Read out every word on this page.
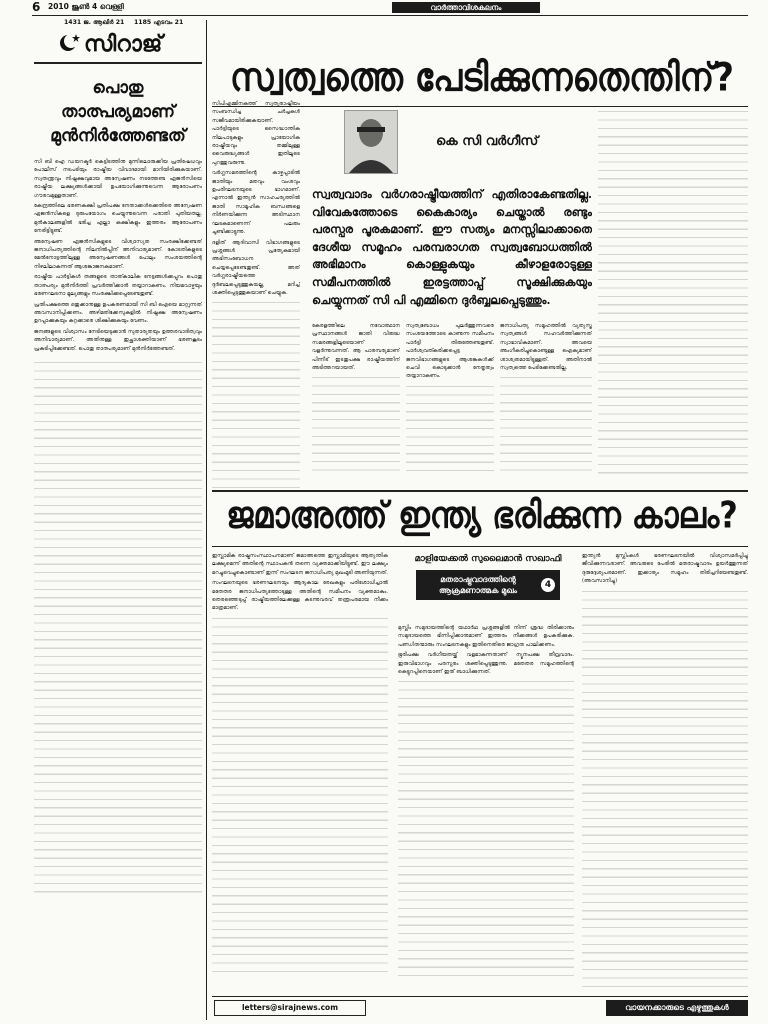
6 2010 ജൂൺ 4 വെള്ളി	വാർത്താവിശകലനം
1431 ജ. ആഖിർ 21 1185 എടവം 21
സിറാജ്
പൊതു താത്പര്യമാണ് മുൻനിർത്തേണ്ടത്
സി ബി ഐ ഡയറക്ടർ കെട്ടിടത്തിനു മുന്നിലൊരുക്കിയ പ്രതിഷേധവും പോലീസ് നടപടിയും രാഷ്ട്രീയ വിവാദമായി മാറിയിരിക്കുകയാണ്. സ്വതന്ത്രവും നിഷ്പക്ഷവുമായ അന്വേഷണം നടത്തേണ്ട ഏജൻസിയെ രാഷ്ട്രീയ ലക്ഷ്യങ്ങൾക്കായി ഉപയോഗിക്കുന്നുവെന്ന ആരോപണം ഗൗരവമുള്ളതാണ്.
കേന്ദ്രത്തിലെ ഭരണകക്ഷി പ്രതിപക്ഷ നേതാക്കൾക്കെതിരെ അന്വേഷണ ഏജൻസികളെ ദുരുപയോഗം ചെയ്യുന്നുവെന്ന പരാതി പുതിയതല്ല. മുൻകാലങ്ങളിൽ ഭരിച്ച എല്ലാ കക്ഷികളും ഇത്തരം ആരോപണം നേരിട്ടിട്ടുണ്ട്.
അന്വേഷണ ഏജൻസികളുടെ വിശ്വാസ്യത സംരക്ഷിക്കേണ്ടത് ജനാധിപത്യത്തിന്റെ നിലനിൽപ്പിന് അനിവാര്യമാണ്. കോടതികളുടെ മേൽനോട്ടത്തിലുള്ള അന്വേഷണങ്ങൾ പോലും സംശയത്തിന്റെ നിഴലിലാകുന്നത് ആശങ്കാജനകമാണ്.
രാഷ്ട്രീയ പാർട്ടികൾ തങ്ങളുടെ താത്കാലിക നേട്ടങ്ങൾക്കപ്പുറം പൊതു താത്പര്യം മുൻനിർത്തി പ്രവർത്തിക്കാൻ തയ്യാറാകണം. നിയമവാഴ്ചയും ഭരണഘടനാ മൂല്യങ്ങളും സംരക്ഷിക്കപ്പെടേണ്ടതുണ്ട്.
പ്രതിപക്ഷത്തെ ഒതുക്കാനുള്ള ഉപകരണമായി സി ബി ഐയെ മാറ്റുന്നത് അവസാനിപ്പിക്കണം. അഴിമതിക്കേസുകളിൽ നിഷ്പക്ഷ അന്വേഷണം ഉറപ്പാക്കുകയും കുറ്റക്കാരെ ശിക്ഷിക്കുകയും വേണം.
ജനങ്ങളുടെ വിശ്വാസം നേടിയെടുക്കാൻ സുതാര്യതയും ഉത്തരവാദിത്വവും അനിവാര്യമാണ്. അതിനുള്ള ഇച്ഛാശക്തിയാണ് ഭരണകൂടം പ്രകടിപ്പിക്കേണ്ടത്. പൊതു താത്പര്യമാണ് മുൻനിർത്തേണ്ടത്.
സ്വത്വത്തെ പേടിക്കുന്നതെന്തിന്?
സിപിഎമ്മിനകത്ത് സ്വത്വരാഷ്ട്രീയം സംബന്ധിച്ച ചർച്ചകൾ സജീവമായിരിക്കുകയാണ്. പാർട്ടിയുടെ സൈദ്ധാന്തിക നിലപാടുകളും പ്രായോഗിക രാഷ്ട്രീയവും തമ്മിലുള്ള വൈരുദ്ധ്യങ്ങൾ ഇതിലൂടെ പുറത്തുവരുന്നു.
വർഗ്ഗസമരത്തിന്റെ കാഴ്ചപ്പാടിൽ ജാതിയും മതവും വംശവും ഉപരിഘടനയുടെ ഭാഗമാണ്. എന്നാൽ ഇന്ത്യൻ സാഹചര്യത്തിൽ ജാതി സാമൂഹിക ബന്ധങ്ങളെ നിർണയിക്കുന്ന അടിസ്ഥാന ഘടകമാണെന്ന് പലരും ചൂണ്ടിക്കാട്ടുന്നു.
ദളിത് ആദിവാസി വിഭാഗങ്ങളുടെ പ്രശ്നങ്ങൾ പ്രത്യേകമായി അഭിസംബോധന ചെയ്യപ്പെടേണ്ടതുണ്ട്. അത് വർഗ്ഗരാഷ്ട്രീയത്തെ ദുർബലപ്പെടുത്തുകയല്ല, മറിച്ച് ശക്തിപ്പെടുത്തുകയാണ് ചെയ്യുക.
കെ സി വർഗീസ്
സ്വത്വവാദം വർഗരാഷ്ട്രീയത്തിന് എതിരാകേണ്ടതില്ല. വിവേകത്തോടെ കൈകാര്യം ചെയ്താൽ രണ്ടും പരസ്പര പൂരകമാണ്. ഈ സത്യം മനസ്സിലാക്കാതെ ദേശീയ സമൂഹം പരമ്പരാഗത സ്വത്വബോധത്തിൽ അഭിമാനം കൊള്ളുകയും കീഴാളരോടുള്ള സമീപനത്തിൽ ഇരട്ടത്താപ്പ് സൂക്ഷിക്കുകയും ചെയ്യുന്നത് സി പി എമ്മിനെ ദുർബ്ബലപ്പെടുത്തും.
കേരളത്തിലെ നവോത്ഥാന പ്രസ്ഥാനങ്ങൾ ജാതി വിരുദ്ധ സമരങ്ങളിലൂടെയാണ് വളർന്നുവന്നത്. ആ പാരമ്പര്യമാണ് പിന്നീട് ഇടതുപക്ഷ രാഷ്ട്രീയത്തിന് അടിത്തറയായത്.
സ്വത്വബോധം പുലർത്തുന്നവരെ സംശയത്തോടെ കാണുന്ന സമീപനം പാർട്ടി തിരുത്തേണ്ടതുണ്ട്. പാർശ്വവത്കരിക്കപ്പെട്ട ജനവിഭാഗങ്ങളുടെ ആശങ്കകൾക്ക് ചെവി കൊടുക്കാൻ നേതൃത്വം തയ്യാറാകണം.
ജനാധിപത്യ സമൂഹത്തിൽ വ്യത്യസ്ത സ്വത്വങ്ങൾ സഹവർത്തിക്കുന്നത് സ്വാഭാവികമാണ്. അവയെ അംഗീകരിച്ചുകൊണ്ടുള്ള ഐക്യമാണ് ശാശ്വതമായിട്ടുള്ളത്. അതിനാൽ സ്വത്വത്തെ പേടിക്കേണ്ടതില്ല.
ജമാഅത്ത് ഇന്ത്യ ഭരിക്കുന്ന കാലം?
ഇസ്ലാമിക രാഷ്ട്രസംസ്ഥാപനമാണ് ജമാഅത്തെ ഇസ്ലാമിയുടെ ആത്യന്തിക ലക്ഷ്യമെന്ന് അതിന്റെ സ്ഥാപകൻ തന്നെ വ്യക്തമാക്കിയിട്ടുണ്ട്. ഈ ലക്ഷ്യം മറച്ചുവെച്ചുകൊണ്ടാണ് ഇന്ന് സംഘടന ജനാധിപത്യ മുഖംമൂടി അണിയുന്നത്.
സംഘടനയുടെ ഭരണഘടനയും ആദ്യകാല രേഖകളും പരിശോധിച്ചാൽ മതേതര ജനാധിപത്യത്തോടുള്ള അതിന്റെ സമീപനം വ്യക്തമാകും. തെരഞ്ഞെടുപ്പ് രാഷ്ട്രീയത്തിലേക്കുള്ള കടന്നുവരവ് തന്ത്രപരമായ നീക്കം മാത്രമാണ്.
മാളിയേക്കൽ സുലൈമാൻ സഖാഫി
മതരാഷ്ട്രവാദത്തിന്റെ ആക്രമണാത്മക മുഖം
4
മുസ്ലിം സമുദായത്തിന്റെ യഥാർഥ പ്രശ്നങ്ങളിൽ നിന്ന് ശ്രദ്ധ തിരിക്കാനും സമുദായത്തെ ഭിന്നിപ്പിക്കാനുമാണ് ഇത്തരം നീക്കങ്ങൾ ഉപകരിക്കുക. പണ്ഡിതന്മാരും സംഘടനകളും ഇതിനെതിരെ ജാഗ്രത പാലിക്കണം.
ഭൂരിപക്ഷ വർഗീയതയ്ക്ക് വളമാകുന്നതാണ് ന്യൂനപക്ഷ തീവ്രവാദം. ഇരുവിഭാഗവും പരസ്പരം ശക്തിപ്പെടുത്തുന്നു. മതേതര സമൂഹത്തിന്റെ കെട്ടുറപ്പിനെയാണ് ഇത് ബാധിക്കുന്നത്.
ഇന്ത്യൻ മുസ്ലിംകൾ ഭരണഘടനയിൽ വിശ്വാസമർപ്പിച്ചു ജീവിക്കുന്നവരാണ്. അവരുടെ പേരിൽ മതരാഷ്ട്രവാദം ഉയർത്തുന്നത് ദുരുദ്ദേശ്യപരമാണ്. ഇക്കാര്യം സമൂഹം തിരിച്ചറിയേണ്ടതുണ്ട്. (അവസാനിച്ചു)
letters@sirajnews.com	വായനക്കാരുടെ എഴുത്തുകൾ
